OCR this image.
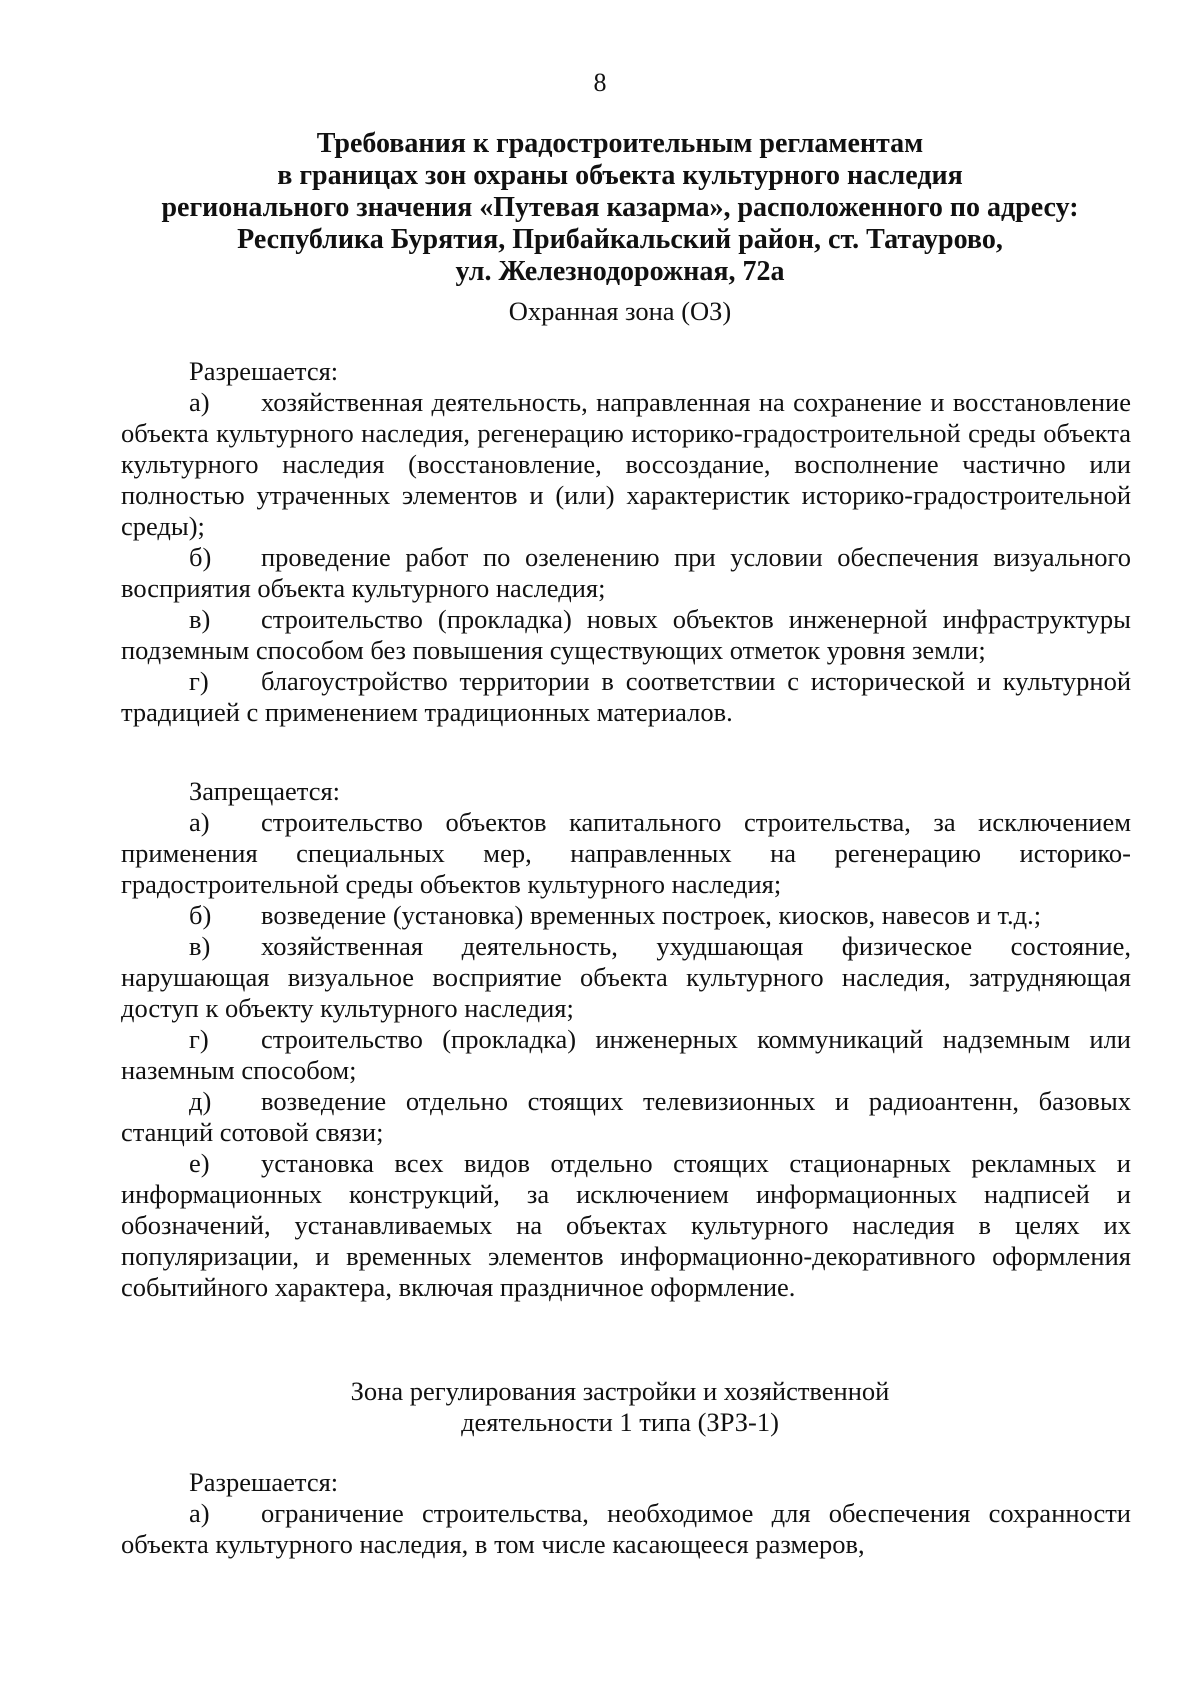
8
Требования к градостроительным регламентам
в границах зон охраны объекта культурного наследия
регионального значения «Путевая казарма», расположенного по адресу:
Республика Бурятия, Прибайкальский район, ст. Татаурово,
ул. Железнодорожная, 72а
Охранная зона (ОЗ)
Разрешается:
а) хозяйственная деятельность, направленная на сохранение и восстановление объекта культурного наследия, регенерацию историко-градостроительной среды объекта культурного наследия (восстановление, воссоздание, восполнение частично или полностью утраченных элементов и (или) характеристик историко-градостроительной среды);
б) проведение работ по озеленению при условии обеспечения визуального восприятия объекта культурного наследия;
в) строительство (прокладка) новых объектов инженерной инфраструктуры подземным способом без повышения существующих отметок уровня земли;
г) благоустройство территории в соответствии с исторической и культурной традицией с применением традиционных материалов.
Запрещается:
а) строительство объектов капитального строительства, за исключением применения специальных мер, направленных на регенерацию историко-градостроительной среды объектов культурного наследия;
б) возведение (установка) временных построек, киосков, навесов и т.д.;
в) хозяйственная деятельность, ухудшающая физическое состояние, нарушающая визуальное восприятие объекта культурного наследия, затрудняющая доступ к объекту культурного наследия;
г) строительство (прокладка) инженерных коммуникаций надземным или наземным способом;
д) возведение отдельно стоящих телевизионных и радиоантенн, базовых станций сотовой связи;
е) установка всех видов отдельно стоящих стационарных рекламных и информационных конструкций, за исключением информационных надписей и обозначений, устанавливаемых на объектах культурного наследия в целях их популяризации, и временных элементов информационно-декоративного оформления событийного характера, включая праздничное оформление.
Зона регулирования застройки и хозяйственной
деятельности 1 типа (ЗРЗ-1)
Разрешается:
а) ограничение строительства, необходимое для обеспечения сохранности объекта культурного наследия, в том числе касающееся размеров,
